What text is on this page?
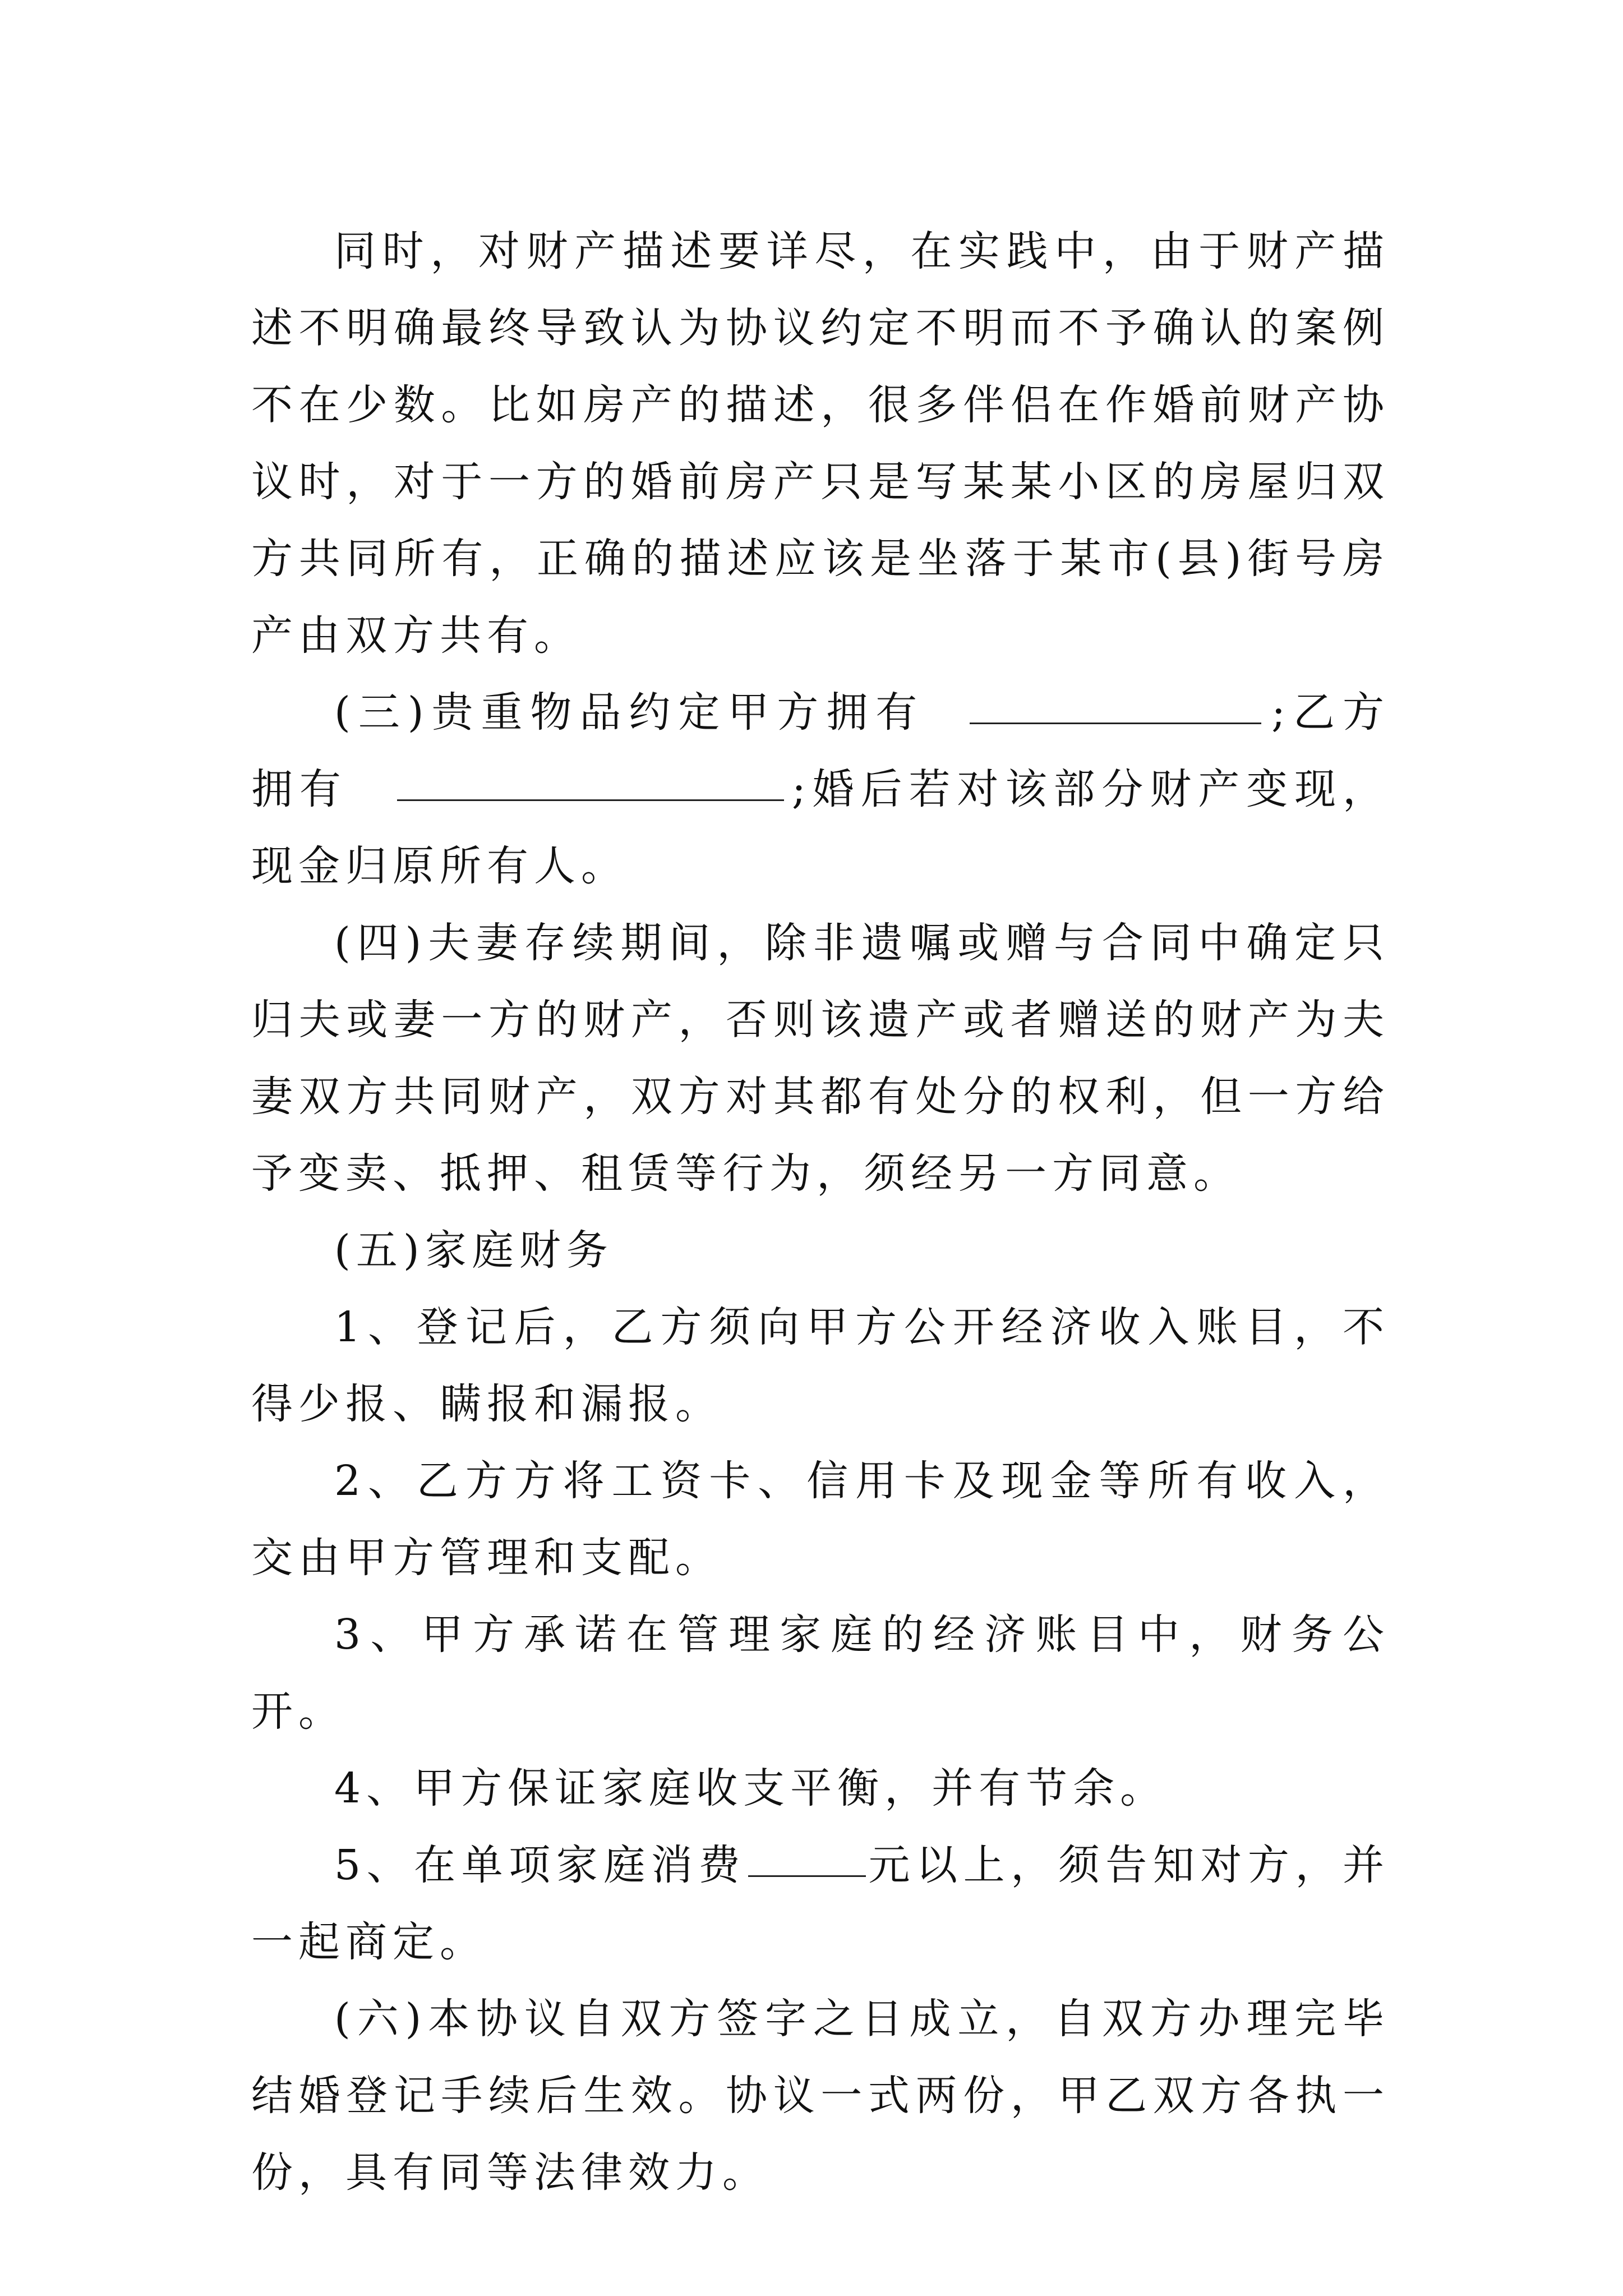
同时，对财产描述要详尽，在实践中，由于财产描述不明确最终导致认为协议约定不明而不予确认的案例不在少数。比如房产的描述，很多伴侣在作婚前财产协议时，对于一方的婚前房产只是写某某小区的房屋归双方共同所有，正确的描述应该是坐落于某市(县)街号房产由双方共有。

(三)贵重物品约定甲方拥有	;乙方拥有	;婚后若对该部分财产变现，现金归原所有人。

(四)夫妻存续期间，除非遗嘱或赠与合同中确定只归夫或妻一方的财产，否则该遗产或者赠送的财产为夫妻双方共同财产，双方对其都有处分的权利，但一方给予变卖、抵押、租赁等行为，须经另一方同意。

(五)家庭财务

1、登记后，乙方须向甲方公开经济收入账目，不得少报、瞒报和漏报。

2、乙方方将工资卡、信用卡及现金等所有收入，交由甲方管理和支配。

3、甲方承诺在管理家庭的经济账目中，财务公开。

4、甲方保证家庭收支平衡，并有节余。

5、在单项家庭消费	元以上，须告知对方，并一起商定。

(六)本协议自双方签字之日成立，自双方办理完毕结婚登记手续后生效。协议一式两份，甲乙双方各执一份，具有同等法律效力。
